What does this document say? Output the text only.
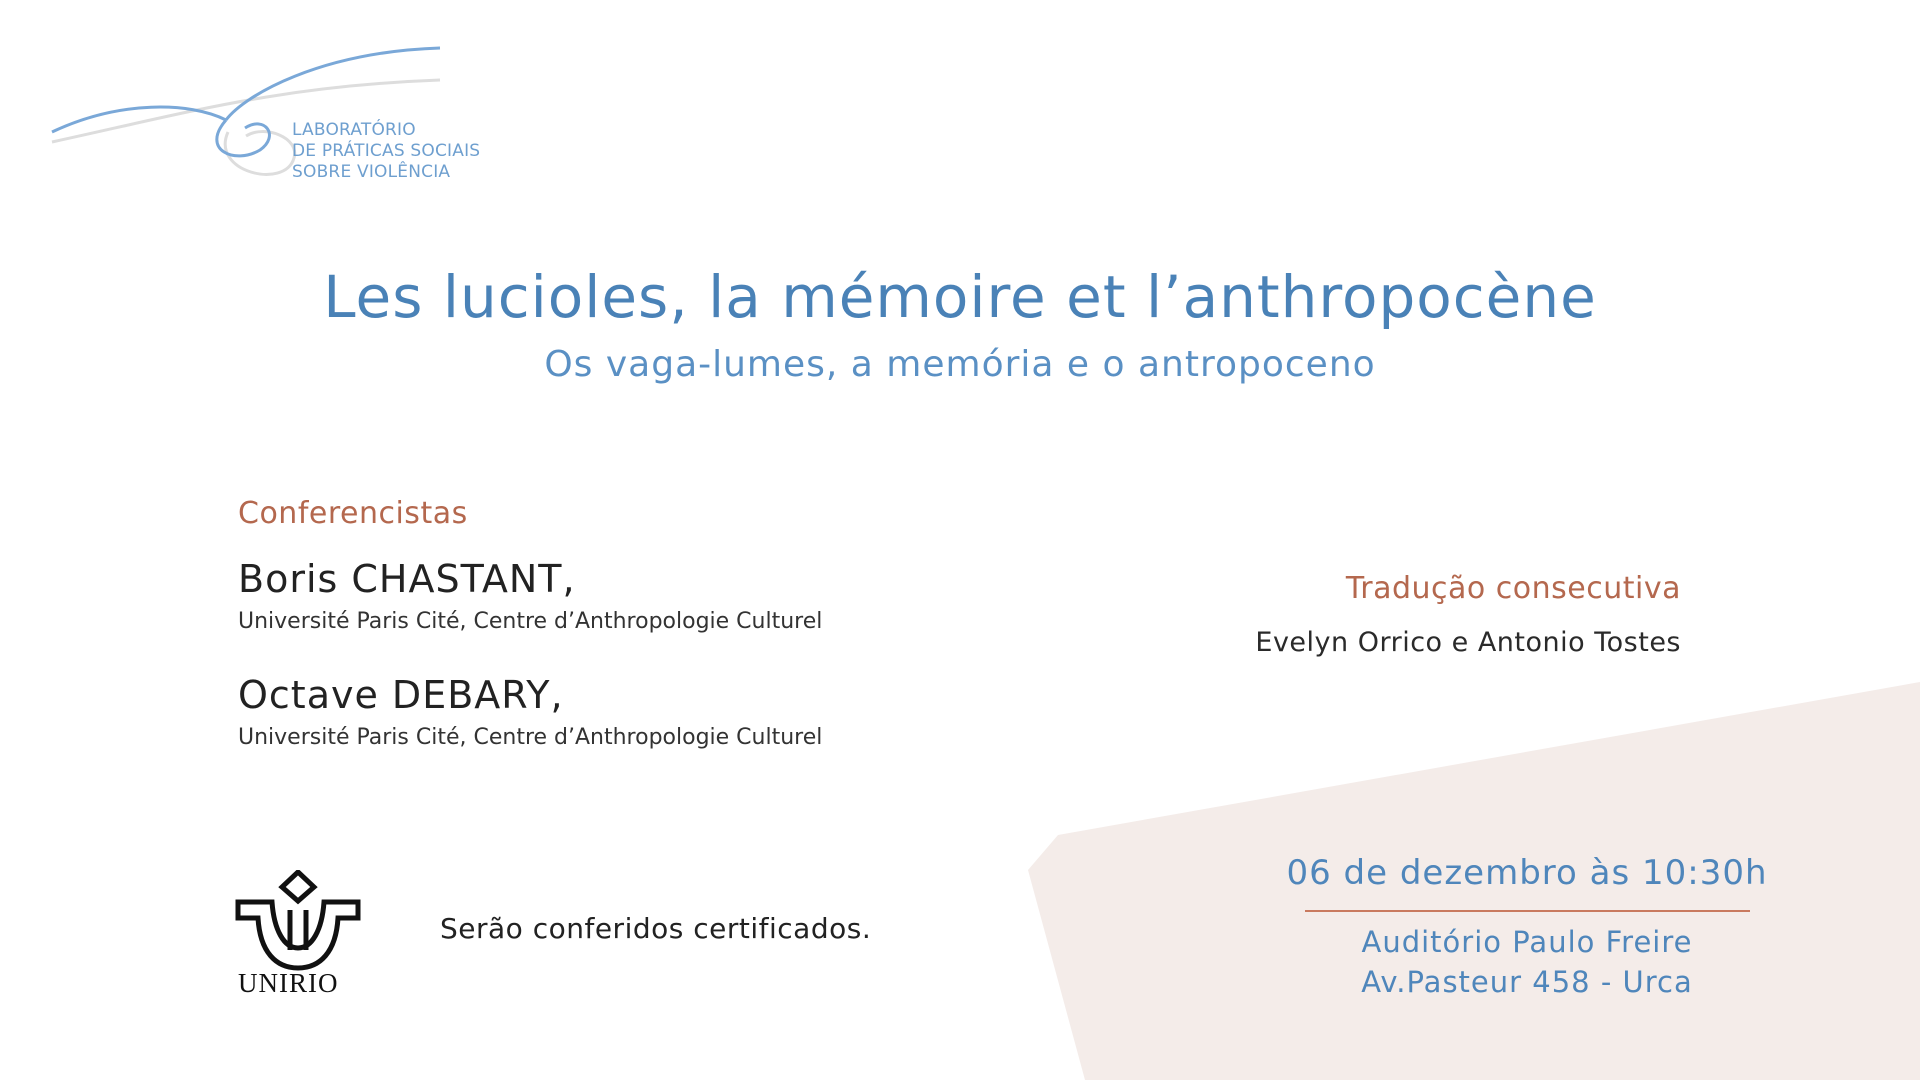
LABORATÓRIO
DE PRÁTICAS SOCIAIS
SOBRE VIOLÊNCIA
Les lucioles, la mémoire et l’anthropocène
Os vaga-lumes, a memória e o antropoceno
Conferencistas
Boris CHASTANT,
Université Paris Cité, Centre d’Anthropologie Culturel
Octave DEBARY,
Université Paris Cité, Centre d’Anthropologie Culturel
Tradução consecutiva
Evelyn Orrico e Antonio Tostes
06 de dezembro às 10:30h
Auditório Paulo Freire
Av.Pasteur 458 - Urca
UNIRIO
Serão conferidos certificados.
